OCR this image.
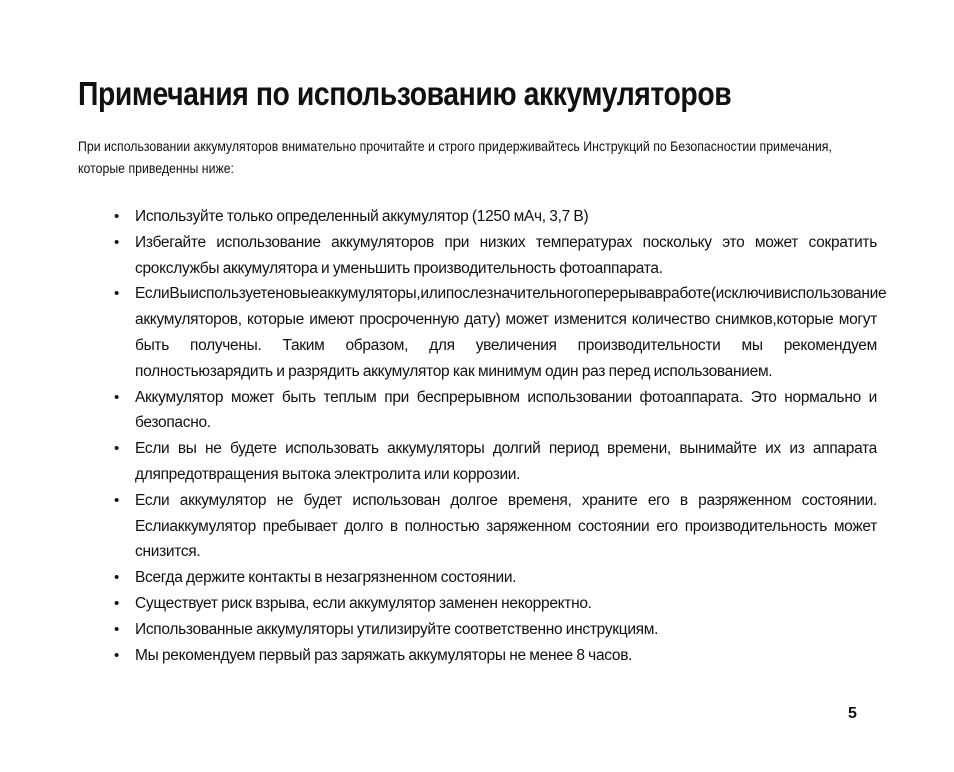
Примечания по использованию аккумуляторов

При использовании аккумуляторов внимательно прочитайте и строго придерживайтесь Инструкций по Безопасностии примечания, которые приведенны ниже:

• Используйте только определенный аккумулятор (1250 мАч, 3,7 В)
• Избегайте использование аккумуляторов при низких температурах поскольку это может сократить срокслужбы аккумулятора и уменьшить производительность фотоаппарата.
• ЕслиВыиспользуетеновыеаккумуляторы,илипослезначительногоперерывавработе(исключивиспользование аккумуляторов, которые имеют просроченную дату) может изменится количество снимков,которые могут быть получены. Таким образом, для увеличения производительности мы рекомендуем полностьюзарядить и разрядить аккумулятор как минимум один раз перед использованием.
• Аккумулятор может быть теплым при беспрерывном использовании фотоаппарата. Это нормально и безопасно.
• Если вы не будете использовать аккумуляторы долгий период времени, вынимайте их из аппарата дляпредотвращения вытока электролита или коррозии.
• Если аккумулятор не будет использован долгое временя, храните его в разряженном состоянии. Еслиаккумулятор пребывает долго в полностью заряженном состоянии его производительность может снизится.
• Всегда держите контакты в незагрязненном состоянии.
• Существует риск взрыва, если аккумулятор заменен некорректно.
• Использованные аккумуляторы утилизируйте соответственно инструкциям.
• Мы рекомендуем первый раз заряжать аккумуляторы не менее 8 часов.
5
